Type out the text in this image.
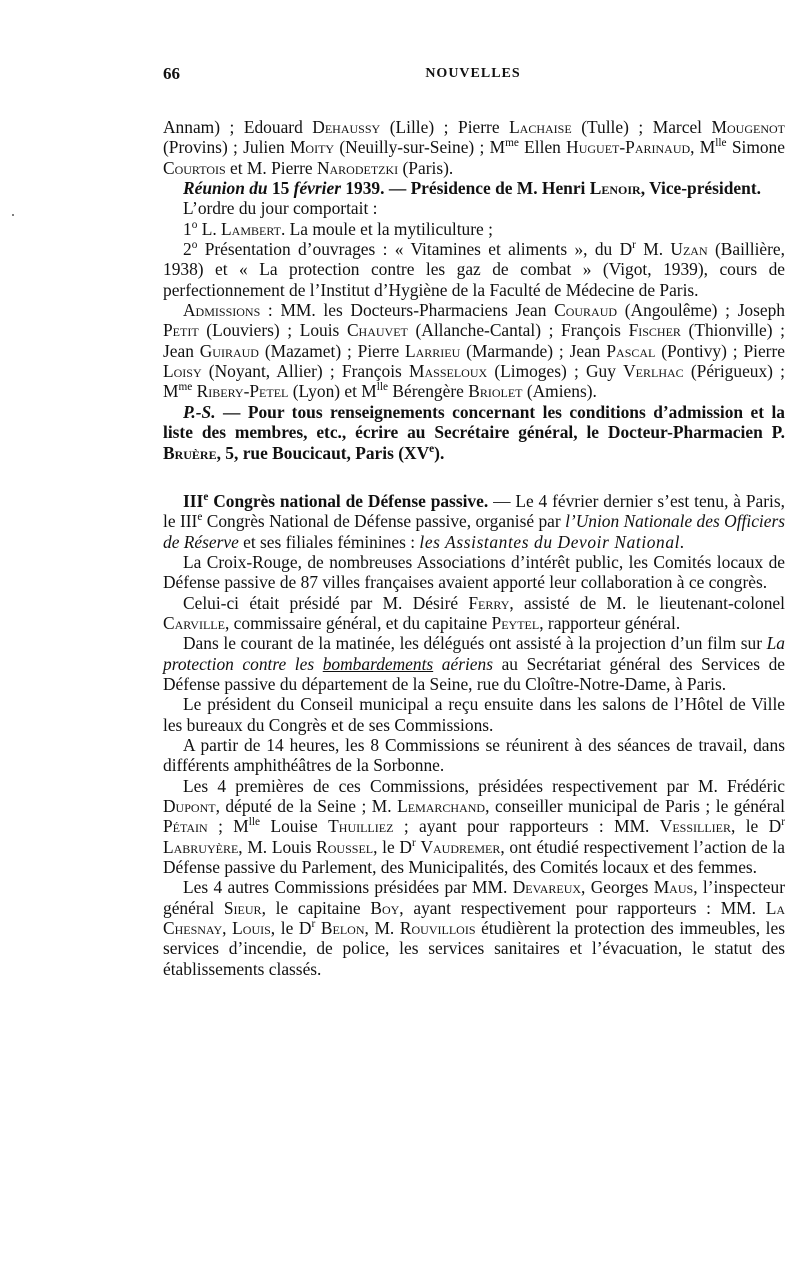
66	NOUVELLES

Annam) ; Edouard Dehaussy (Lille) ; Pierre Lachaise (Tulle) ; Marcel Mougenot (Provins) ; Julien Moity (Neuilly-sur-Seine) ; $M^{me}$ Ellen Huguet-Parinaud, $M^{lle}$ Simone Courtois et M. Pierre Narodetzki (Paris).

Réunion du 15 février 1939. — Présidence de M. Henri Lenoir, Vice-président.

L’ordre du jour comportait :

1$^o$ L. Lambert. La moule et la mytiliculture ;

2$^o$ Présentation d’ouvrages : « Vitamines et aliments », du $D^r$ M. Uzan (Baillière, 1938) et « La protection contre les gaz de combat » (Vigot, 1939), cours de perfectionnement de l’Institut d’Hygiène de la Faculté de Médecine de Paris.

Admissions : MM. les Docteurs-Pharmaciens Jean Couraud (Angoulême) ; Joseph Petit (Louviers) ; Louis Chauvet (Allanche-Cantal) ; François Fischer (Thionville) ; Jean Guiraud (Mazamet) ; Pierre Larrieu (Marmande) ; Jean Pascal (Pontivy) ; Pierre Loisy (Noyant, Allier) ; François Masseloux (Limoges) ; Guy Verlhac (Périgueux) ; $M^{me}$ Ribery-Petel (Lyon) et $M^{lle}$ Bérengère Briolet (Amiens).

P.-S. — Pour tous renseignements concernant les conditions d’admission et la liste des membres, etc., écrire au Secrétaire général, le Docteur-Pharmacien P. Bruère, 5, rue Boucicaut, Paris (XVe).

IIIe Congrès national de Défense passive. — Le 4 février dernier s’est tenu, à Paris, le IIIe Congrès National de Défense passive, organisé par l’Union Nationale des Officiers de Réserve et ses filiales féminines : les Assistantes du Devoir National.

La Croix-Rouge, de nombreuses Associations d’intérêt public, les Comités locaux de Défense passive de 87 villes françaises avaient apporté leur collaboration à ce congrès.

Celui-ci était présidé par M. Désiré Ferry, assisté de M. le lieutenant-colonel Carville, commissaire général, et du capitaine Peytel, rapporteur général.

Dans le courant de la matinée, les délégués ont assisté à la projection d’un film sur La protection contre les bombardements aériens au Secrétariat général des Services de Défense passive du département de la Seine, rue du Cloître-Notre-Dame, à Paris.

Le président du Conseil municipal a reçu ensuite dans les salons de l’Hôtel de Ville les bureaux du Congrès et de ses Commissions.

A partir de 14 heures, les 8 Commissions se réunirent à des séances de travail, dans différents amphithéâtres de la Sorbonne.

Les 4 premières de ces Commissions, présidées respectivement par M. Frédéric Dupont, député de la Seine ; M. Lemarchand, conseiller municipal de Paris ; le général Pétain ; $M^{lle}$ Louise Thuilliez ; ayant pour rapporteurs : MM. Vessillier, le $D^r$ Labruyère, M. Louis Roussel, le $D^r$ Vaudremer, ont étudié respectivement l’action de la Défense passive du Parlement, des Municipalités, des Comités locaux et des femmes.

Les 4 autres Commissions présidées par MM. Devareux, Georges Maus, l’inspecteur général Sieur, le capitaine Boy, ayant respectivement pour rapporteurs : MM. La Chesnay, Louis, le $D^r$ Belon, M. Rouvillois étudièrent la protection des immeubles, les services d’incendie, de police, les services sanitaires et l’évacuation, le statut des établissements classés.
